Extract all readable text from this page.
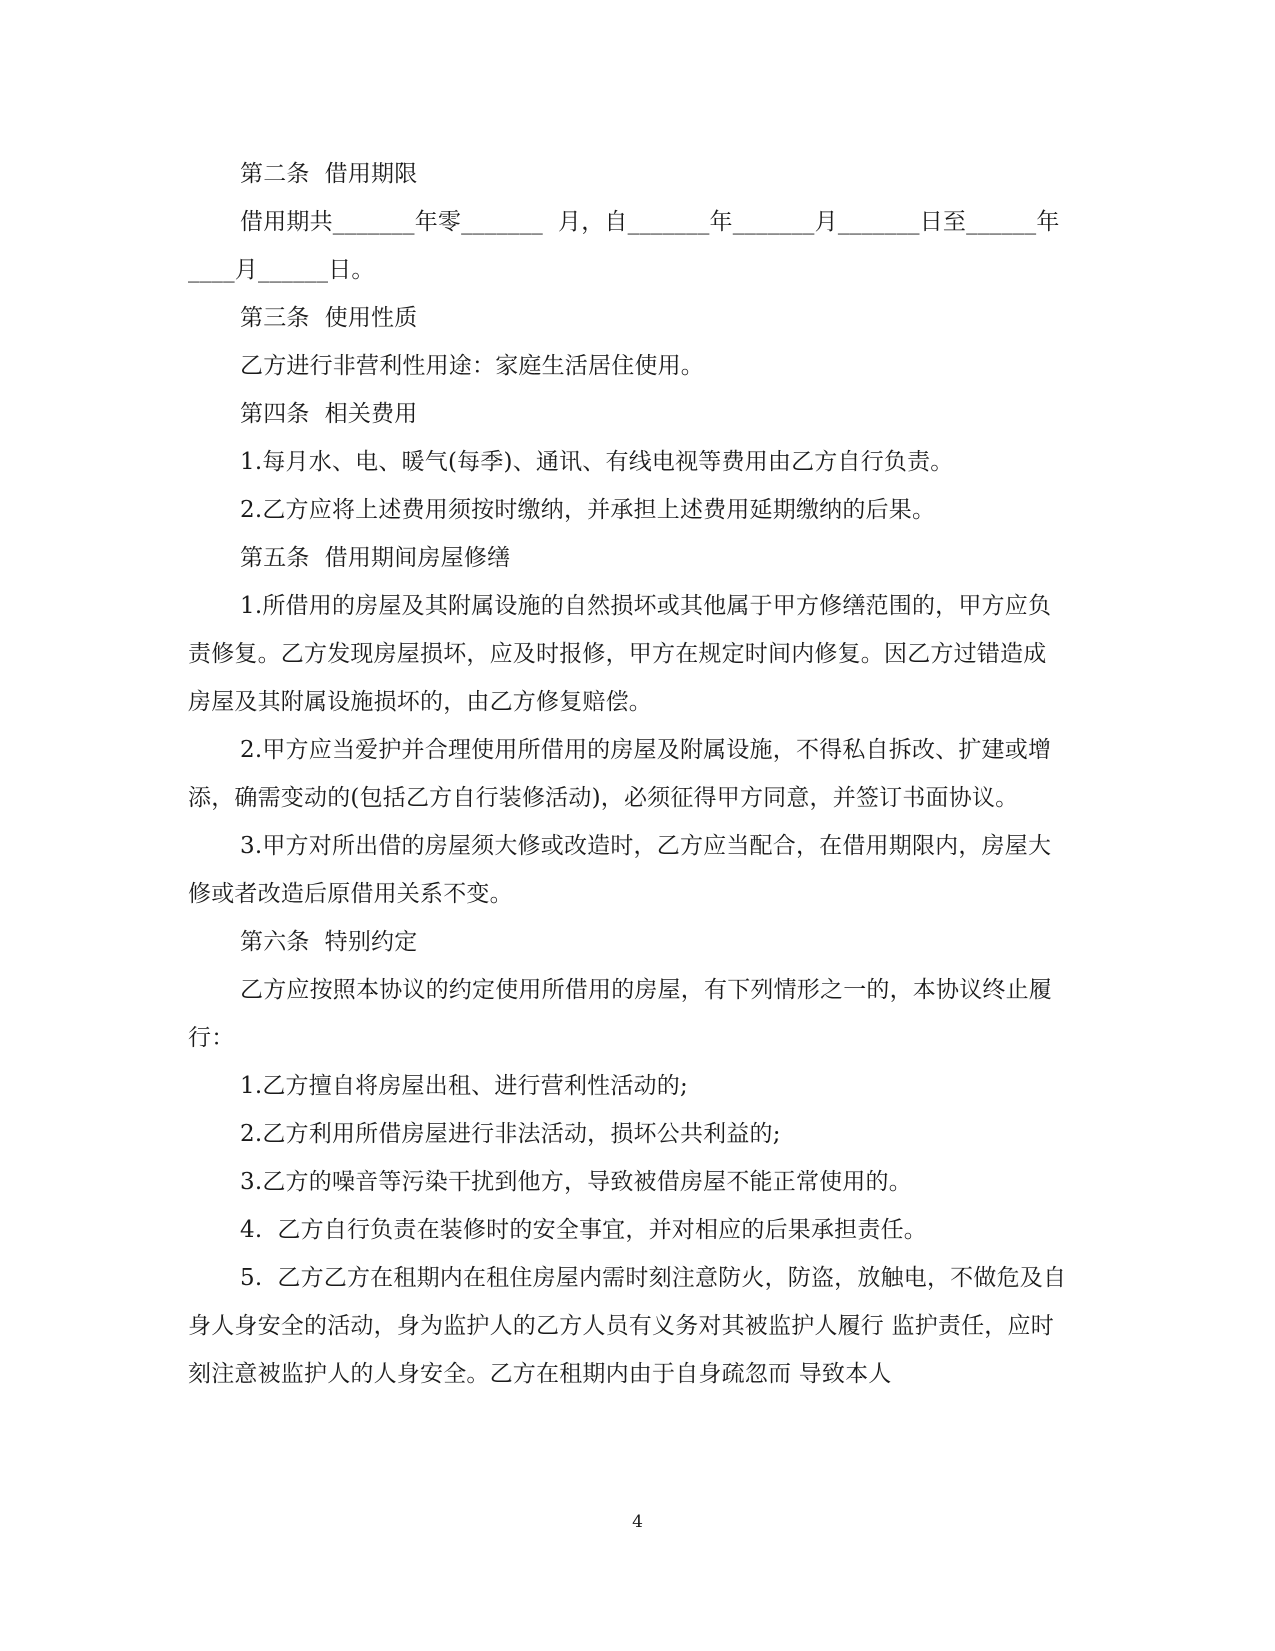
第二条  借用期限

借用期共_______年零_______  月，自_______年_______月_______日至______年____月______日。

第三条  使用性质

乙方进行非营利性用途：家庭生活居住使用。

第四条  相关费用

1.每月水、电、暖气(每季)、通讯、有线电视等费用由乙方自行负责。

2.乙方应将上述费用须按时缴纳，并承担上述费用延期缴纳的后果。

第五条  借用期间房屋修缮

1.所借用的房屋及其附属设施的自然损坏或其他属于甲方修缮范围的，甲方应负责修复。乙方发现房屋损坏，应及时报修，甲方在规定时间内修复。因乙方过错造成房屋及其附属设施损坏的，由乙方修复赔偿。

2.甲方应当爱护并合理使用所借用的房屋及附属设施，不得私自拆改、扩建或增添，确需变动的(包括乙方自行装修活动)，必须征得甲方同意，并签订书面协议。

3.甲方对所出借的房屋须大修或改造时，乙方应当配合，在借用期限内，房屋大修或者改造后原借用关系不变。

第六条  特别约定

乙方应按照本协议的约定使用所借用的房屋，有下列情形之一的，本协议终止履行：

1.乙方擅自将房屋出租、进行营利性活动的;

2.乙方利用所借房屋进行非法活动，损坏公共利益的;

3.乙方的噪音等污染干扰到他方，导致被借房屋不能正常使用的。

4.  乙方自行负责在装修时的安全事宜，并对相应的后果承担责任。

5.  乙方乙方在租期内在租住房屋内需时刻注意防火，防盗，放触电，不做危及自身人身安全的活动，身为监护人的乙方人员有义务对其被监护人履行 监护责任，应时刻注意被监护人的人身安全。乙方在租期内由于自身疏忽而 导致本人

4
